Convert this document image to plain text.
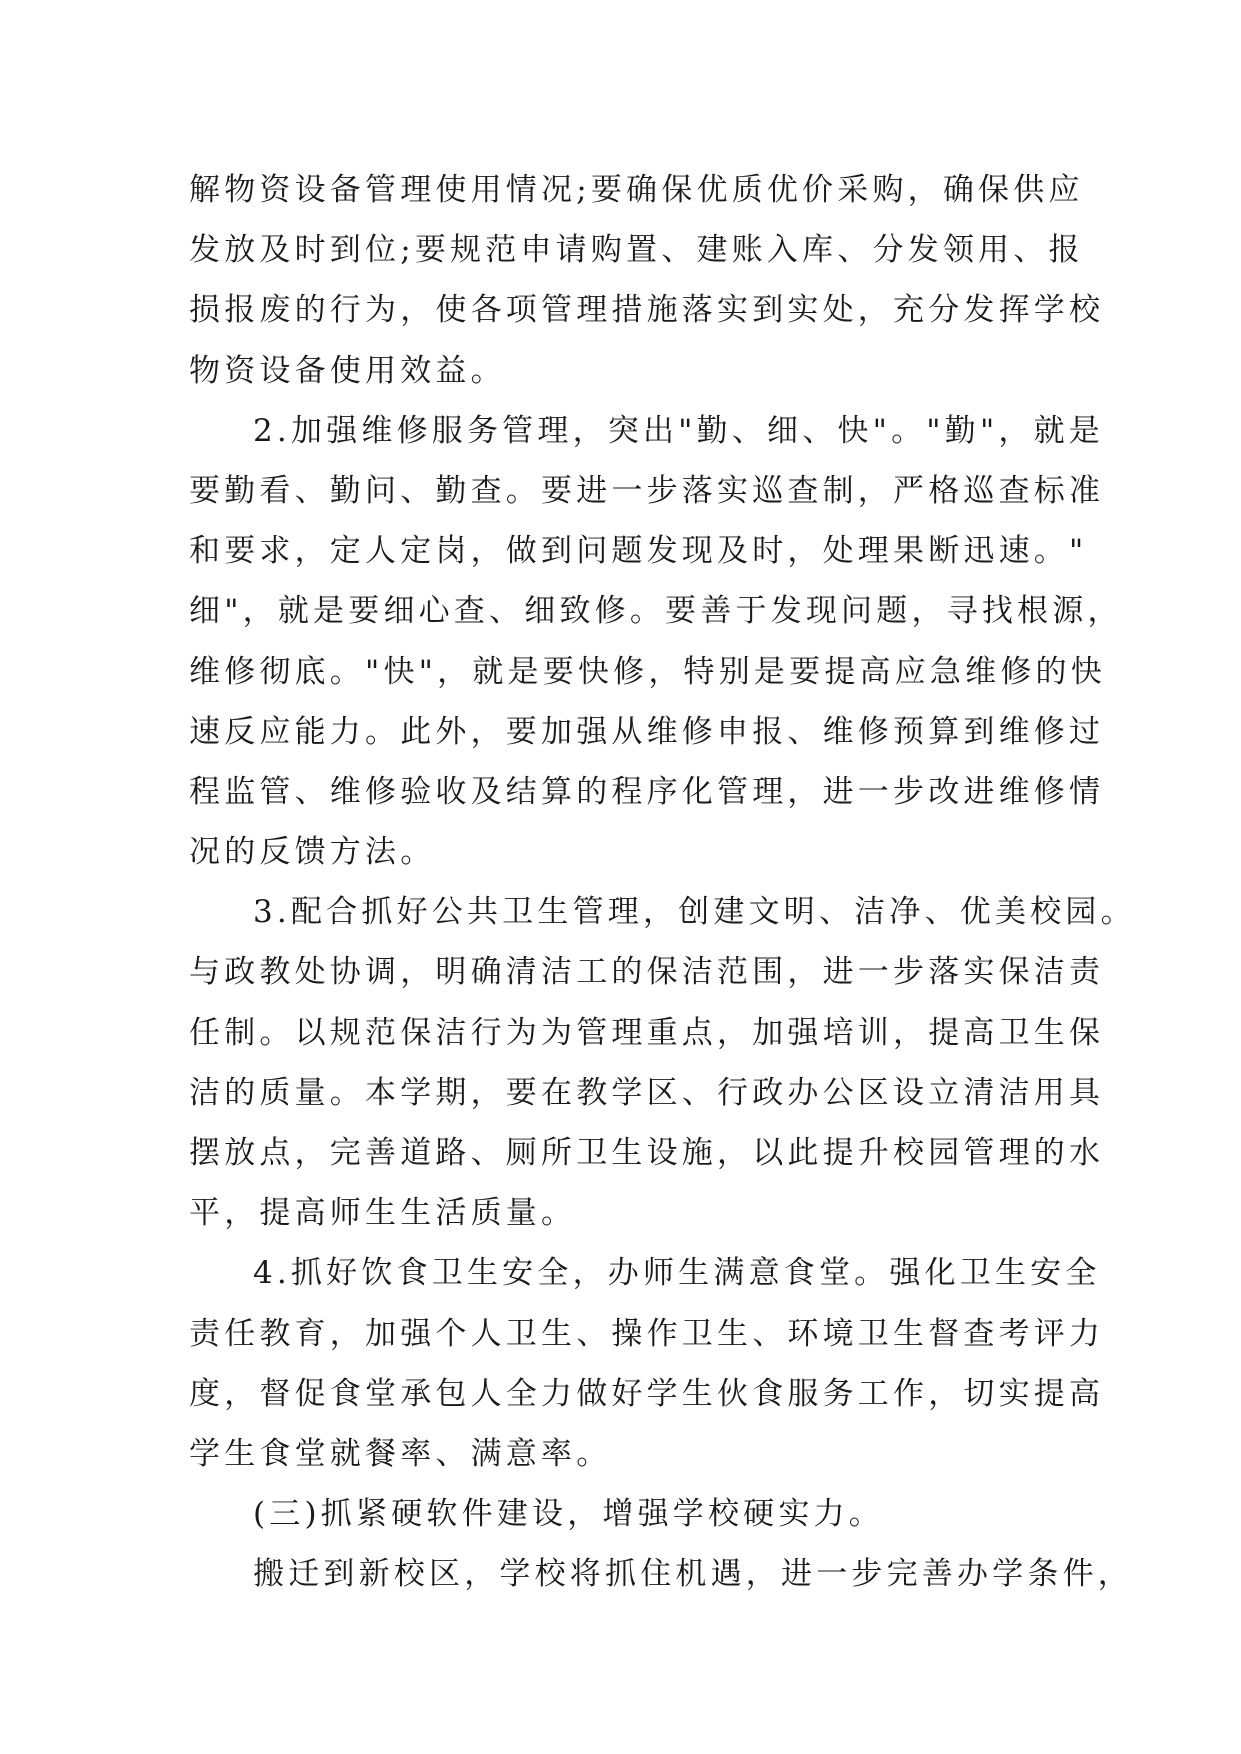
解物资设备管理使用情况;要确保优质优价采购，确保供应
发放及时到位;要规范申请购置、建账入库、分发领用、报
损报废的行为，使各项管理措施落实到实处，充分发挥学校
物资设备使用效益。
2.加强维修服务管理，突出"勤、细、快"。"勤"，就是
要勤看、勤问、勤查。要进一步落实巡查制，严格巡查标准
和要求，定人定岗，做到问题发现及时，处理果断迅速。"
细"，就是要细心查、细致修。要善于发现问题，寻找根源，
维修彻底。"快"，就是要快修，特别是要提高应急维修的快
速反应能力。此外，要加强从维修申报、维修预算到维修过
程监管、维修验收及结算的程序化管理，进一步改进维修情
况的反馈方法。
3.配合抓好公共卫生管理，创建文明、洁净、优美校园。
与政教处协调，明确清洁工的保洁范围，进一步落实保洁责
任制。以规范保洁行为为管理重点，加强培训，提高卫生保
洁的质量。本学期，要在教学区、行政办公区设立清洁用具
摆放点，完善道路、厕所卫生设施，以此提升校园管理的水
平，提高师生生活质量。
4.抓好饮食卫生安全，办师生满意食堂。强化卫生安全
责任教育，加强个人卫生、操作卫生、环境卫生督查考评力
度，督促食堂承包人全力做好学生伙食服务工作，切实提高
学生食堂就餐率、满意率。
(三)抓紧硬软件建设，增强学校硬实力。
搬迁到新校区，学校将抓住机遇，进一步完善办学条件，
